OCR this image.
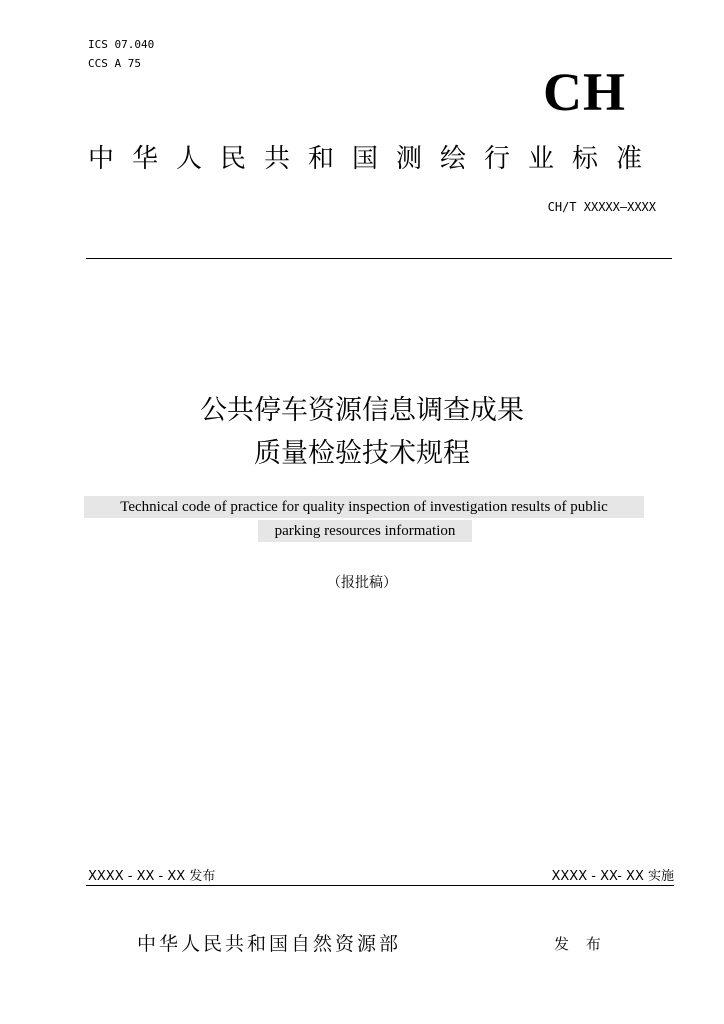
ICS 07.040
CCS A 75	CH
中华人民共和国测绘行业标准
CH/T XXXXX—XXXX
公共停车资源信息调查成果
质量检验技术规程
Technical code of practice for quality inspection of investigation results of public
parking resources information
（报批稿）
XXXX - XX - XX 发布	XXXX - XX- XX 实施
中华人民共和国自然资源部	发 布
